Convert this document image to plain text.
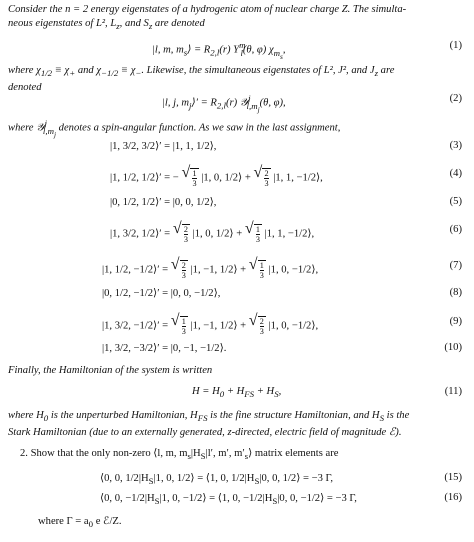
Consider the n = 2 energy eigenstates of a hydrogenic atom of nuclear charge Z. The simulta-
neous eigenstates of L², $L_z$, and $S_z$ are denoted
|l, m, $m_s⟩ = R_{2,l}(r)$ $Y^m_l(\theta$, φ) $\chi_{m_s}$,	(1)
where $\chi_{1/2} \equiv \chi_+$ and $\chi_{-1/2} \equiv \chi_-$. Likewise, the simultaneous eigenstates of L², J², and $J_z$ are
denoted
|l, j, $m_j⟩' = R_{2,l}(r)$ 𝒴$^j_{l,m_j}$(θ, φ),	(2)
where 𝒴$^j_{l,m_j}$ denotes a spin-angular function. As we saw in the last assignment,
|1, 3/2, 3/2⟩′ = |1, 1, 1/2⟩,	(3)
|1, 1/2, 1/2⟩′ = − √ $\frac{1}{3} |1$, 0, 1/2⟩ + √ $\frac{2}{3} |1$, 1, −1/2⟩,	(4)
|0, 1/2, 1/2⟩′ = |0, 0, 1/2⟩,	(5)
|1, 3/2, 1/2⟩′ = √ $\frac{2}{3} |1$, 0, 1/2⟩ + √ $\frac{1}{3} |1$, 1, −1/2⟩,	(6)
|1, 1/2, −1/2⟩′ = √ $\frac{2}{3} |1$, −1, 1/2⟩ + √ $\frac{1}{3} |1$, 0, −1/2⟩,	(7)
|0, 1/2, −1/2⟩′ = |0, 0, −1/2⟩,	(8)
|1, 3/2, −1/2⟩′ = √ $\frac{1}{3} |1$, −1, 1/2⟩ + √ $\frac{2}{3} |1$, 0, −1/2⟩,	(9)
|1, 3/2, −3/2⟩′ = |0, −1, −1/2⟩.	(10)
Finally, the Hamiltonian of the system is written
$H = H_0 + H_{FS} + H_S$,	(11)
where $H_0$ is the unperturbed Hamiltonian, $H_{FS}$ is the fine structure Hamiltonian, and $H_S$ is the
Stark Hamiltonian (due to an externally generated, z-directed, electric field of magnitude ℰ).
2. Show that the only non-zero ⟨l, m, $m_s|H_S|l'$, m′, $m'_s⟩$ matrix elements are
⟨0, 0, $1/2|H_S|1$, 0, 1/2⟩ = ⟨1, 0, $1/2|H_S|0$, 0, 1/2⟩ = −3 Γ,	(15)
⟨0, 0, $-1/2|H_S|1$, 0, −1/2⟩ = ⟨1, 0, $-1/2|H_S|0$, 0, −1/2⟩ = −3 Γ,	(16)
where $\Gamma = a_0$ e ℰ/Z.
